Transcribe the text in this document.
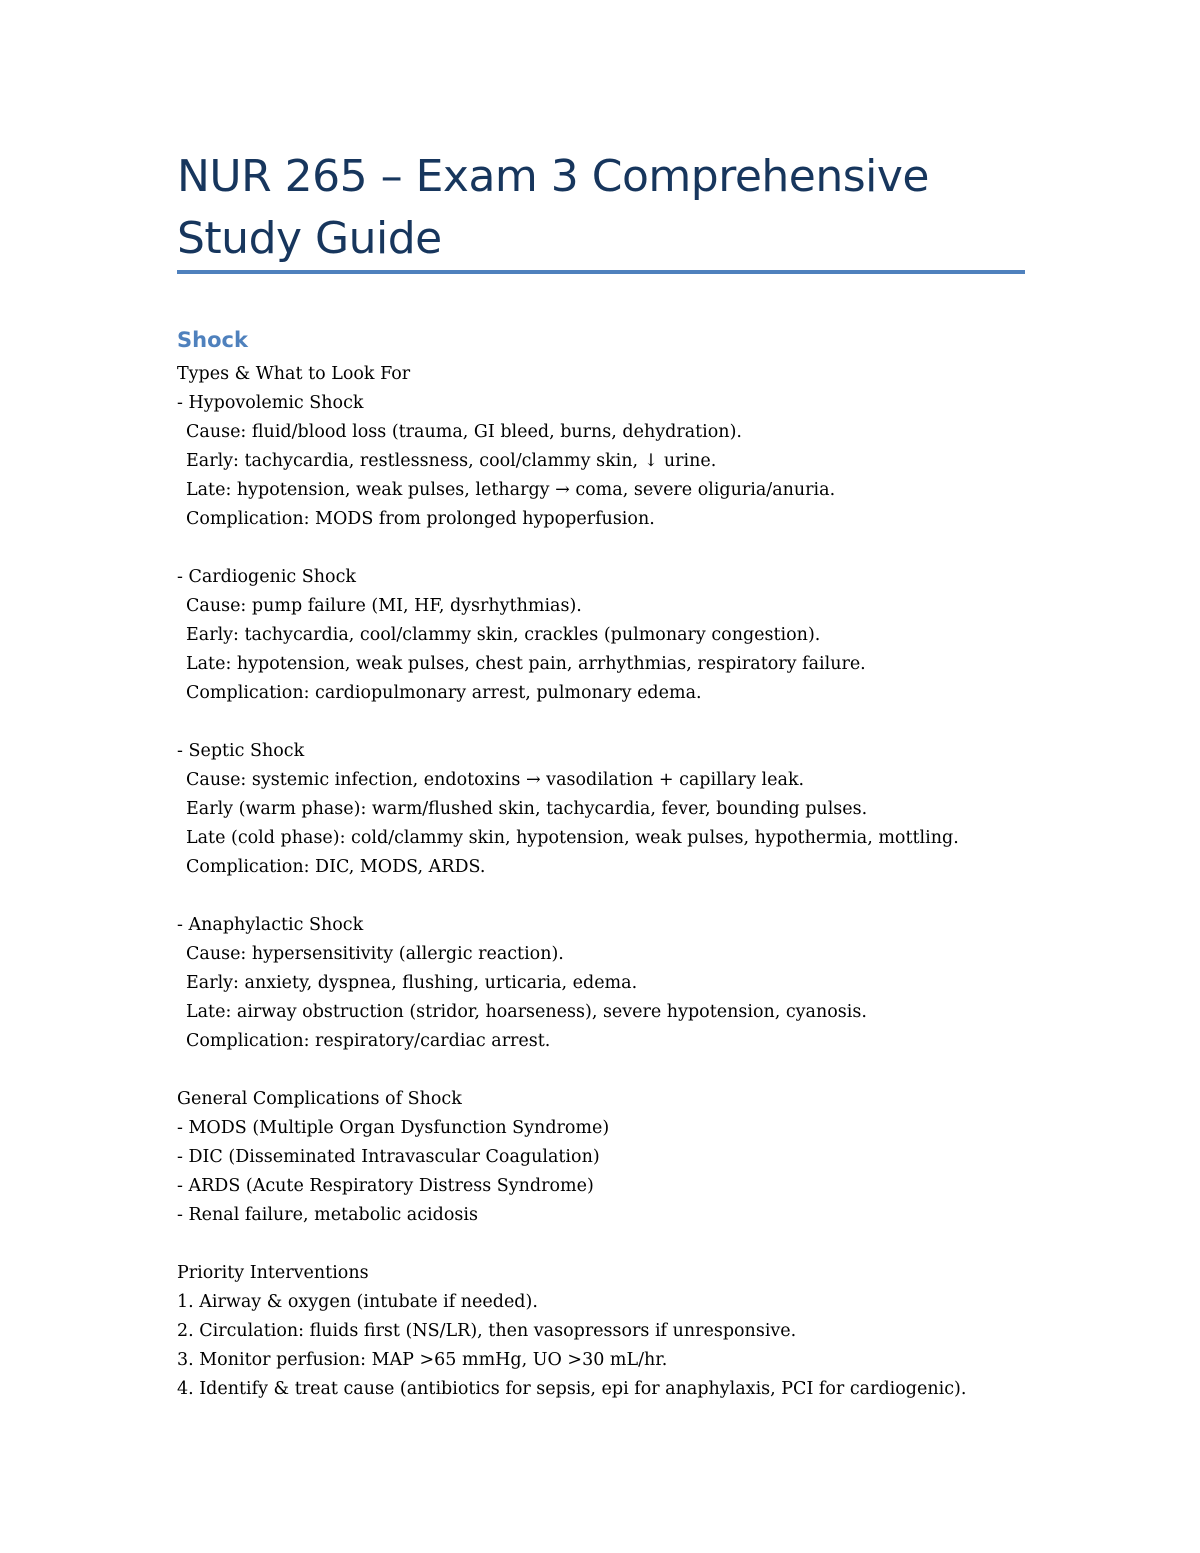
NUR 265 – Exam 3 Comprehensive Study Guide
Shock
Types & What to Look For
- Hypovolemic Shock
Cause: fluid/blood loss (trauma, GI bleed, burns, dehydration).
Early: tachycardia, restlessness, cool/clammy skin, ↓ urine.
Late: hypotension, weak pulses, lethargy → coma, severe oliguria/anuria.
Complication: MODS from prolonged hypoperfusion.
- Cardiogenic Shock
Cause: pump failure (MI, HF, dysrhythmias).
Early: tachycardia, cool/clammy skin, crackles (pulmonary congestion).
Late: hypotension, weak pulses, chest pain, arrhythmias, respiratory failure.
Complication: cardiopulmonary arrest, pulmonary edema.
- Septic Shock
Cause: systemic infection, endotoxins → vasodilation + capillary leak.
Early (warm phase): warm/flushed skin, tachycardia, fever, bounding pulses.
Late (cold phase): cold/clammy skin, hypotension, weak pulses, hypothermia, mottling.
Complication: DIC, MODS, ARDS.
- Anaphylactic Shock
Cause: hypersensitivity (allergic reaction).
Early: anxiety, dyspnea, flushing, urticaria, edema.
Late: airway obstruction (stridor, hoarseness), severe hypotension, cyanosis.
Complication: respiratory/cardiac arrest.
General Complications of Shock
- MODS (Multiple Organ Dysfunction Syndrome)
- DIC (Disseminated Intravascular Coagulation)
- ARDS (Acute Respiratory Distress Syndrome)
- Renal failure, metabolic acidosis
Priority Interventions
1. Airway & oxygen (intubate if needed).
2. Circulation: fluids first (NS/LR), then vasopressors if unresponsive.
3. Monitor perfusion: MAP >65 mmHg, UO >30 mL/hr.
4. Identify & treat cause (antibiotics for sepsis, epi for anaphylaxis, PCI for cardiogenic).
